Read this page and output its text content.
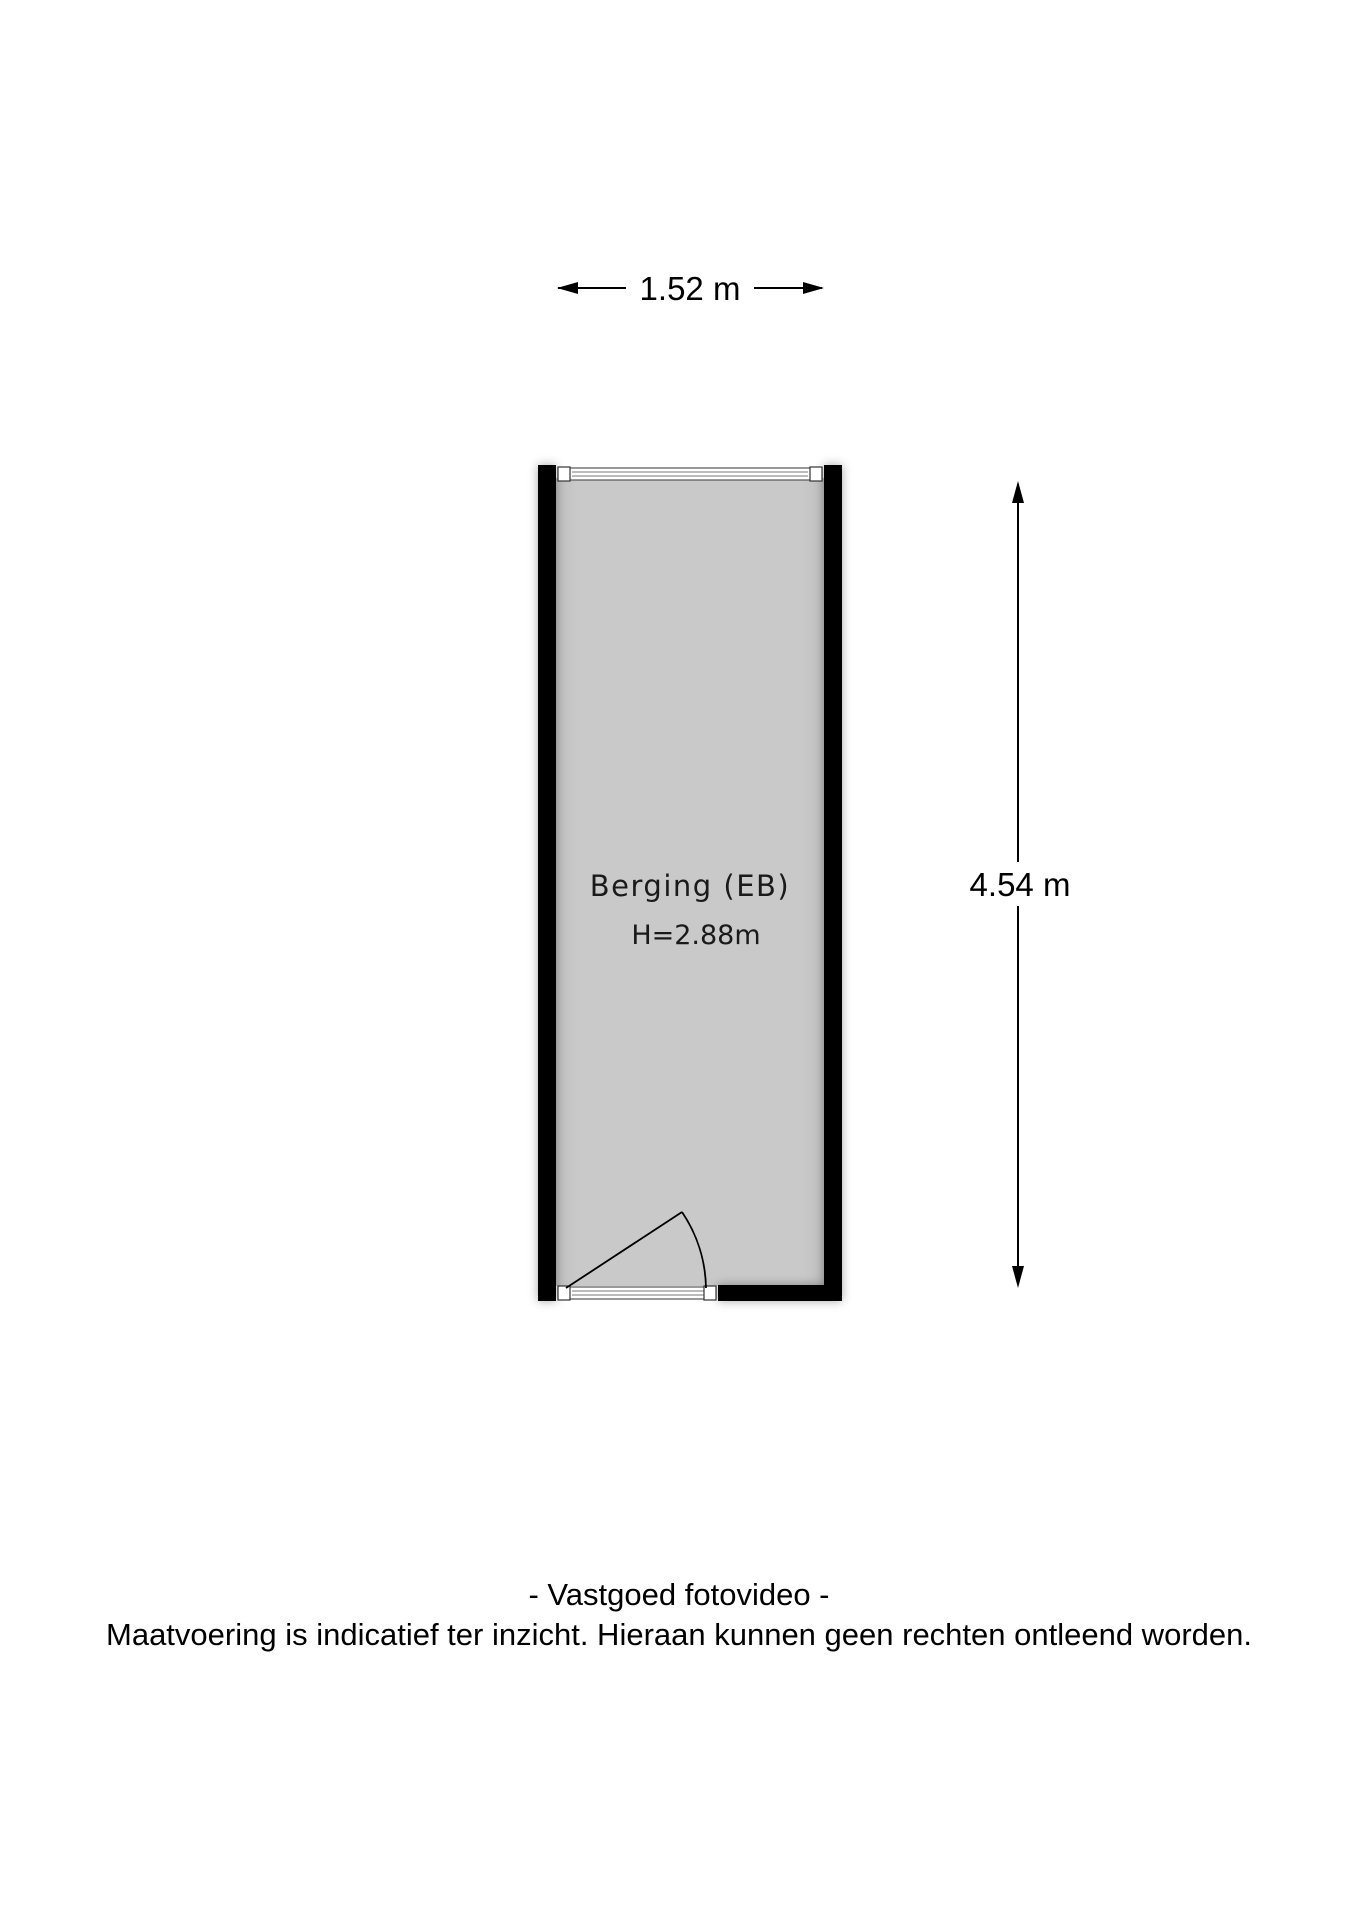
1.52 m
Berging (EB)
H=2.88m
4.54 m
- Vastgoed fotovideo -
Maatvoering is indicatief ter inzicht. Hieraan kunnen geen rechten ontleend worden.
